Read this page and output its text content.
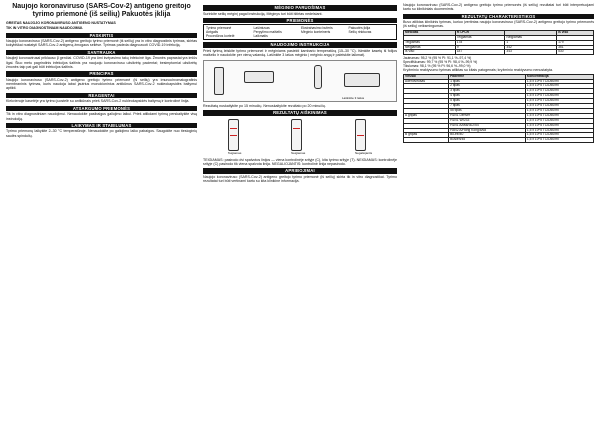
Naujojo koronaviruso (SARS-Cov-2) antigeno greitojo tyrimo priemonė (iš seilių) Pakuotės įklija

GREITAS NAUJOJO KORONAVIRUSO ANTIGENO NUSTATYMAS

TIK IN VITRO DIAGNOSTINIAM NAUDOJIMUI.

PASKIRTIS

Naujojo koronaviruso (SARS-Cov-2) antigeno greitojo tyrimo priemonė (iš seilių) yra in vitro diagnostinis tyrimas, skirtas kokybiškai nustatyti SARS-Cov-2 antigeną žmogaus seilėse. Tyrimas padeda diagnozuoti COVID-19 infekciją.

SANTRAUKA

Naujieji koronavirusai priklauso β genčiai. COVID-19 yra ūmi kvėpavimo takų infekcinė liga. Žmonės paprastai yra imlūs ligai. Šiuo metu pagrindinis infekcijos šaltinis yra naujuoju koronavirusu užsikrėtę pacientai; besimptomiai užsikrėtę žmonės taip pat gali būti infekcijos šaltinis.

PRINCIPAS

Naujojo koronaviruso (SARS-Cov-2) antigeno greitojo tyrimo priemonė (iš seilių) yra imunochromatografinis membraninis tyrimas, kuris naudoja labai jautrius monokloninius antikūnus SARS-Cov-2 nukleokapsidės baltymui aptikti.

REAGENTAI

Kiekvienoje kasetėje yra tyrimo juostelė su antikūnais prieš SARS-Cov-2 nukleokapsidės baltymą ir kontrolinė linija.

ATSARGUMO PRIEMONĖS

Tik in vitro diagnostiniam naudojimui. Nenaudokite pasibaigus galiojimo laikui. Prieš atlikdami tyrimą perskaitykite visą instrukciją.

LAIKYMAS IR STABILUMAS

Tyrimo priemonę laikykite 2–30 °C temperatūroje. Nenaudokite po galiojimo laiko pabaigos. Saugokite nuo tiesioginių saulės spindulių.

MĖGINIO PARUOŠIMAS

Surinkite seilių mėginį pagal instrukciją. Mėginys turi būti ištirtas nedelsiant.

PRIEMONĖS
Tyrimo priemonė	Lašintuvas	Ekstrahavimo buferis	Pakuotės įklija
Antgalis	Perpylimo maišelis	Mėginio konteineris	Seilių rinktuvas
Procedūros kortelė	Laikmatis
NAUDOJIMO INSTRUKCIJA

Prieš tyrimą leiskite tyrimo priemonei ir mėginiams pasiekti kambario temperatūrą (15–30 °C). Išimkite kasetę iš folijos maišelio ir naudokite per vieną valandą. Lašinkite 3 lašus mėginio į mėginio angą ir paleiskite laikmatį.

Lašinkite 3 lašus

Rezultatą nuskaitykite po 15 minučių. Nenuskaitykite rezultato po 20 minučių.

REZULTATŲ AIŠKINIMAS
Teigiamas	Neigiamas	Negaliojantis

TEIGIAMAS: pasirodo dvi spalvotos linijos — viena kontrolinėje srityje (C), kita tyrimo srityje (T). NEIGIAMAS: kontrolinėje srityje (C) pasirodo tik viena spalvota linija. NEGALIOJANTIS: kontrolinė linija nepasirodo.

APRIBOJIMAI

Naujojo koronaviruso (SARS-Cov-2) antigeno greitojo tyrimo priemonė (iš seilių) skirta tik in vitro diagnostikai. Tyrimo rezultatai turi būti vertinami kartu su kita klinikine informacija.

Naujojo koronaviruso (SARS-Cov-2) antigeno greitojo tyrimo priemonės (iš seilių) rezultatai turi būti interpretuojami kartu su klinikiniais duomenimis.

REZULTATŲ CHARAKTERISTIKOS

Buvo atliktas klinikinis tyrimas, kuriuo įvertintas naujojo koronaviruso (SARS-Cov-2) antigeno greitojo tyrimo priemonės (iš seilių) veiksmingumas.

Metodas	RT-PCR		Iš viso
	Teigiamas	Neigiamas	
Teigiamas	178	1	179
Neigiamas	9	342	351
Iš viso	187	343	530

Jautrumas: 95,2 % (95 % PI: 91,1 %–97,4 %)

Specifiškumas: 99,7 % (95 % PI: 98,4 %–99,9 %)

Tikslumas: 98,1 % (95 % PI: 96,6 %–99,0 %)

Kryžminio reaktyvumo tyrimas atliktas su kitais patogenais; kryžminio reaktyvumo nenustatyta.

Virusai	Padermė	Koncentracija
Adenovirusas	1 tipas	1,5 x 10^5 TCID50/ml
	2 tipas	1,5 x 10^5 TCID50/ml
	3 tipas	1,5 x 10^5 TCID50/ml
	4 tipas	1,5 x 10^5 TCID50/ml
	5 tipas	1,5 x 10^5 TCID50/ml
	7 tipas	1,5 x 10^5 TCID50/ml
	55 tipas	1,5 x 10^5 TCID50/ml
A gripas	H1N1 Denver	1,5 x 10^5 TCID50/ml
	H1N1 WS/33	1,5 x 10^5 TCID50/ml
	H1N1 A/Mal/302/54	1,5 x 10^5 TCID50/ml
	H3N2 A/Hong Kong/8/68	1,5 x 10^5 TCID50/ml
B gripas	B/Lee/40	1,5 x 10^5 TCID50/ml
	B/Allen/45	1,5 x 10^5 TCID50/ml
